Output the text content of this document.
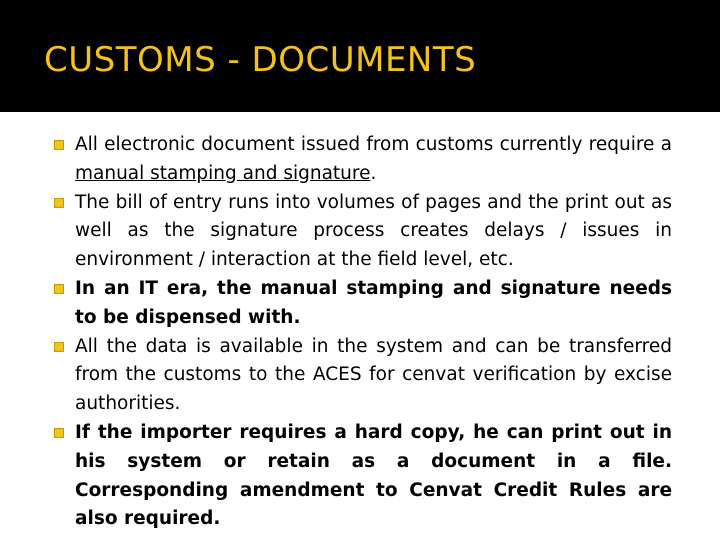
CUSTOMS - DOCUMENTS
All electronic document issued from customs currently require a manual stamping and signature.
The bill of entry runs into volumes of pages and the print out as well as the signature process creates delays / issues in environment / interaction at the field level, etc.
In an IT era, the manual stamping and signature needs to be dispensed with.
All the data is available in the system and can be transferred from the customs to the ACES for cenvat verification by excise authorities.
If the importer requires a hard copy, he can print out in his system or retain as a document in a file. Corresponding amendment to Cenvat Credit Rules are also required.
